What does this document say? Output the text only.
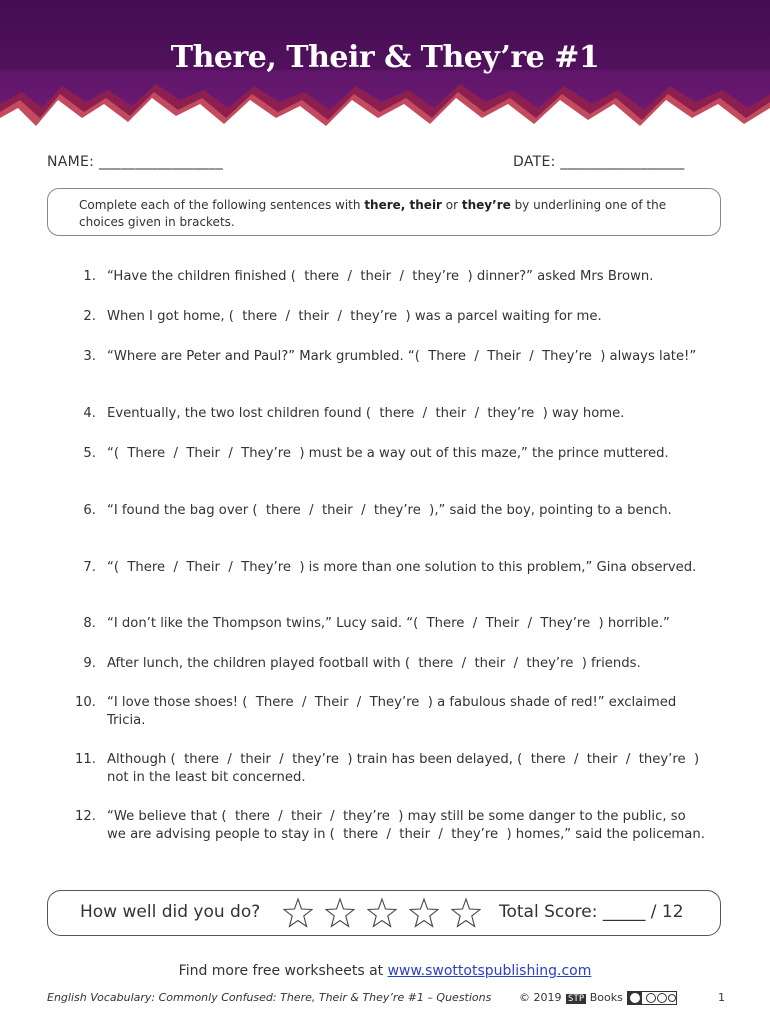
There, Their & They’re #1
NAME: _________________	DATE: _________________
Complete each of the following sentences with there, their or they’re by underlining one of the choices given in brackets.
1. “Have the children finished (  there  /  their  /  they’re  ) dinner?” asked Mrs Brown.
2. When I got home, (  there  /  their  /  they’re  ) was a parcel waiting for me.
3. “Where are Peter and Paul?” Mark grumbled. “(  There  /  Their  /  They’re  ) always late!”
4. Eventually, the two lost children found (  there  /  their  /  they’re  ) way home.
5. “(  There  /  Their  /  They’re  ) must be a way out of this maze,” the prince muttered.
6. “I found the bag over (  there  /  their  /  they’re  ),” said the boy, pointing to a bench.
7. “(  There  /  Their  /  They’re  ) is more than one solution to this problem,” Gina observed.
8. “I don’t like the Thompson twins,” Lucy said. “(  There  /  Their  /  They’re  ) horrible.”
9. After lunch, the children played football with (  there  /  their  /  they’re  ) friends.
10. “I love those shoes! (  There  /  Their  /  They’re  ) a fabulous shade of red!” exclaimed Tricia.
11. Although (  there  /  their  /  they’re  ) train has been delayed, (  there  /  their  /  they’re  ) not in the least bit concerned.
12. “We believe that (  there  /  their  /  they’re  ) may still be some danger to the public, so we are advising people to stay in (  there  /  their  /  they’re  ) homes,” said the policeman.
How well did you do?	Total Score: _____ / 12
Find more free worksheets at www.swottotspublishing.com
English Vocabulary: Commonly Confused: There, Their & They’re #1 – Questions	© 2019 STP Books	1
